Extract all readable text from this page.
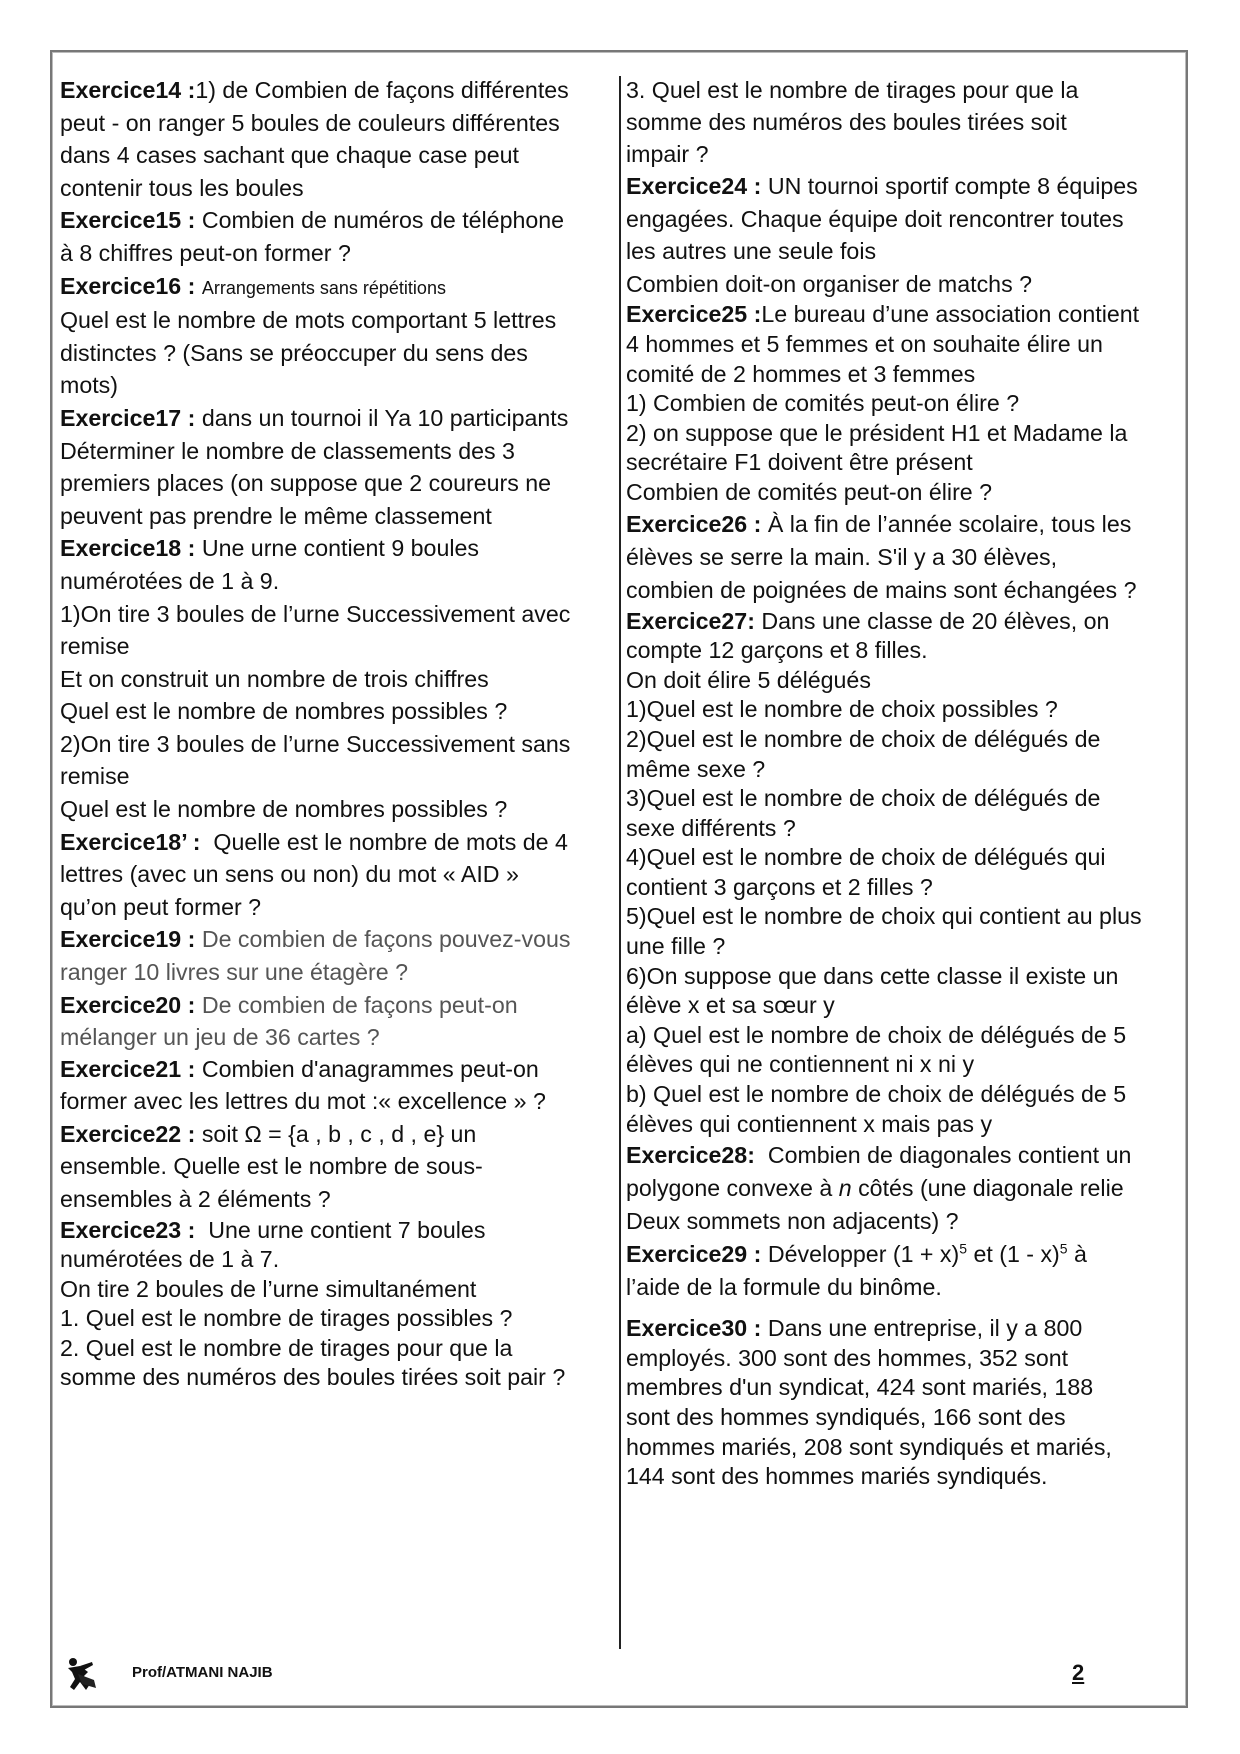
Exercice14 :1) de Combien de façons différentes
peut - on ranger 5 boules de couleurs différentes
dans 4 cases sachant que chaque case peut
contenir tous les boules

Exercice15 : Combien de numéros de téléphone
à 8 chiffres peut-on former ?

Exercice16 : Arrangements sans répétitions
Quel est le nombre de mots comportant 5 lettres
distinctes ? (Sans se préoccuper du sens des
mots)

Exercice17 : dans un tournoi il Ya 10 participants
Déterminer le nombre de classements des 3
premiers places (on suppose que 2 coureurs ne
peuvent pas prendre le même classement

Exercice18 : Une urne contient 9 boules
numérotées de 1 à 9.
1)On tire 3 boules de l’urne Successivement avec
remise
Et on construit un nombre de trois chiffres
Quel est le nombre de nombres possibles ?
2)On tire 3 boules de l’urne Successivement sans
remise
Quel est le nombre de nombres possibles ?

Exercice18’ : Quelle est le nombre de mots de 4
lettres (avec un sens ou non) du mot « AID »
qu’on peut former ?

Exercice19 : De combien de façons pouvez-vous
ranger 10 livres sur une étagère ?

Exercice20 : De combien de façons peut-on
mélanger un jeu de 36 cartes ?

Exercice21 : Combien d'anagrammes peut-on
former avec les lettres du mot :« excellence » ?

Exercice22 : soit Ω = {a , b , c , d , e} un
ensemble. Quelle est le nombre de sous-
ensembles à 2 éléments ?

Exercice23 : Une urne contient 7 boules
numérotées de 1 à 7.
On tire 2 boules de l’urne simultanément
1. Quel est le nombre de tirages possibles ?
2. Quel est le nombre de tirages pour que la
somme des numéros des boules tirées soit pair ?

3. Quel est le nombre de tirages pour que la
somme des numéros des boules tirées soit
impair ?

Exercice24 : UN tournoi sportif compte 8 équipes
engagées. Chaque équipe doit rencontrer toutes
les autres une seule fois
Combien doit-on organiser de matchs ?

Exercice25 :Le bureau d’une association contient
4 hommes et 5 femmes et on souhaite élire un
comité de 2 hommes et 3 femmes
1) Combien de comités peut-on élire ?
2) on suppose que le président H1 et Madame la
secrétaire F1 doivent être présent
Combien de comités peut-on élire ?

Exercice26 : À la fin de l’année scolaire, tous les
élèves se serre la main. S'il y a 30 élèves,
combien de poignées de mains sont échangées ?

Exercice27: Dans une classe de 20 élèves, on
compte 12 garçons et 8 filles.
On doit élire 5 délégués
1)Quel est le nombre de choix possibles ?
2)Quel est le nombre de choix de délégués de
même sexe ?
3)Quel est le nombre de choix de délégués de
sexe différents ?
4)Quel est le nombre de choix de délégués qui
contient 3 garçons et 2 filles ?
5)Quel est le nombre de choix qui contient au plus
une fille ?
6)On suppose que dans cette classe il existe un
élève x et sa sœur y
a) Quel est le nombre de choix de délégués de 5
élèves qui ne contiennent ni x ni y
b) Quel est le nombre de choix de délégués de 5
élèves qui contiennent x mais pas y

Exercice28: Combien de diagonales contient un
polygone convexe à n côtés (une diagonale relie
Deux sommets non adjacents) ?

Exercice29 : Développer $(1 + x)^5$ et (1 - x)$^5$ à
l’aide de la formule du binôme.

Exercice30 : Dans une entreprise, il y a 800
employés. 300 sont des hommes, 352 sont
membres d'un syndicat, 424 sont mariés, 188
sont des hommes syndiqués, 166 sont des
hommes mariés, 208 sont syndiqués et mariés,
144 sont des hommes mariés syndiqués.

Prof/ATMANI NAJIB	2
